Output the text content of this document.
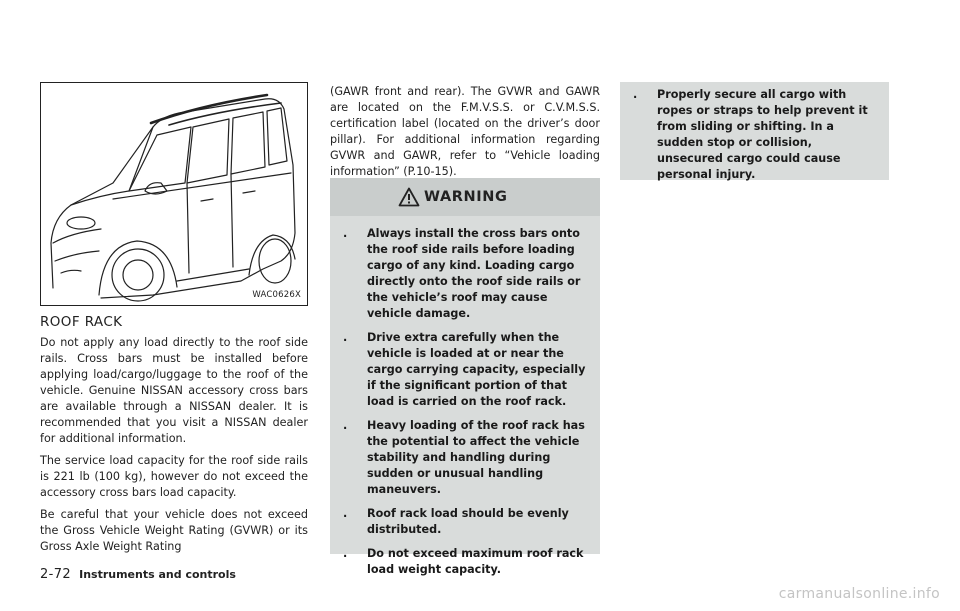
WAC0626X
ROOF RACK

Do not apply any load directly to the roof side rails. Cross bars must be installed before applying load/cargo/luggage to the roof of the vehicle. Genuine NISSAN accessory cross bars are available through a NISSAN dealer. It is recommended that you visit a NISSAN dealer for additional information.

The service load capacity for the roof side rails is 221 lb (100 kg), however do not exceed the accessory cross bars load capacity.

Be careful that your vehicle does not exceed the Gross Vehicle Weight Rating (GVWR) or its Gross Axle Weight Rating

(GAWR front and rear). The GVWR and GAWR are located on the F.M.V.S.S. or C.V.M.S.S. certification label (located on the driver’s door pillar). For additional information regarding GVWR and GAWR, refer to “Vehicle loading information” (P.10-15).

WARNING
. Always install the cross bars onto the roof side rails before loading cargo of any kind. Loading cargo directly onto the roof side rails or the vehicle’s roof may cause vehicle damage.
. Drive extra carefully when the vehicle is loaded at or near the cargo carrying capacity, especially if the significant portion of that load is carried on the roof rack.
. Heavy loading of the roof rack has the potential to affect the vehicle stability and handling during sudden or unusual handling maneuvers.
. Roof rack load should be evenly distributed.
. Do not exceed maximum roof rack load weight capacity.
. Properly secure all cargo with ropes or straps to help prevent it from sliding or shifting. In a sudden stop or collision, unsecured cargo could cause personal injury.
2-72 Instruments and controls
carmanualsonline.info
